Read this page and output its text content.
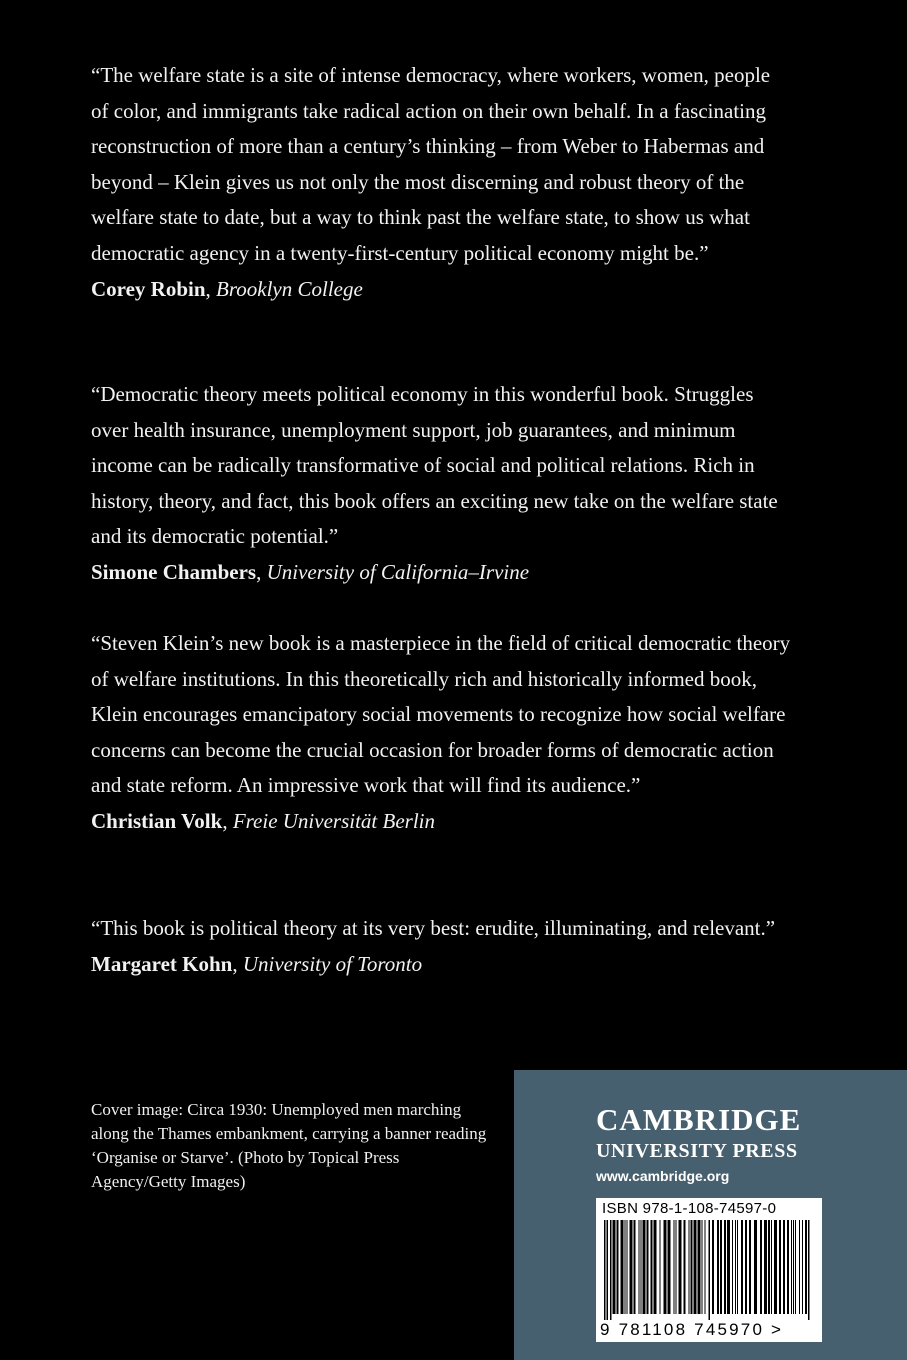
“The welfare state is a site of intense democracy, where workers, women, people of color, and immigrants take radical action on their own behalf. In a fascinating reconstruction of more than a century’s thinking – from Weber to Habermas and beyond – Klein gives us not only the most discerning and robust theory of the welfare state to date, but a way to think past the welfare state, to show us what democratic agency in a twenty-first-century political economy might be.”

Corey Robin, Brooklyn College

“Democratic theory meets political economy in this wonderful book. Struggles over health insurance, unemployment support, job guarantees, and minimum income can be radically transformative of social and political relations. Rich in history, theory, and fact, this book offers an exciting new take on the welfare state and its democratic potential.”

Simone Chambers, University of California–Irvine

“Steven Klein’s new book is a masterpiece in the field of critical democratic theory of welfare institutions. In this theoretically rich and historically informed book, Klein encourages emancipatory social movements to recognize how social welfare concerns can become the crucial occasion for broader forms of democratic action and state reform. An impressive work that will find its audience.”

Christian Volk, Freie Universität Berlin

“This book is political theory at its very best: erudite, illuminating, and relevant.”

Margaret Kohn, University of Toronto
Cover image: Circa 1930: Unemployed men marching along the Thames embankment, carrying a banner reading ‘Organise or Starve’. (Photo by Topical Press Agency/Getty Images)
CAMBRIDGE
UNIVERSITY PRESS
www.cambridge.org
ISBN 978-1-108-74597-0
9 781108 745970 >
